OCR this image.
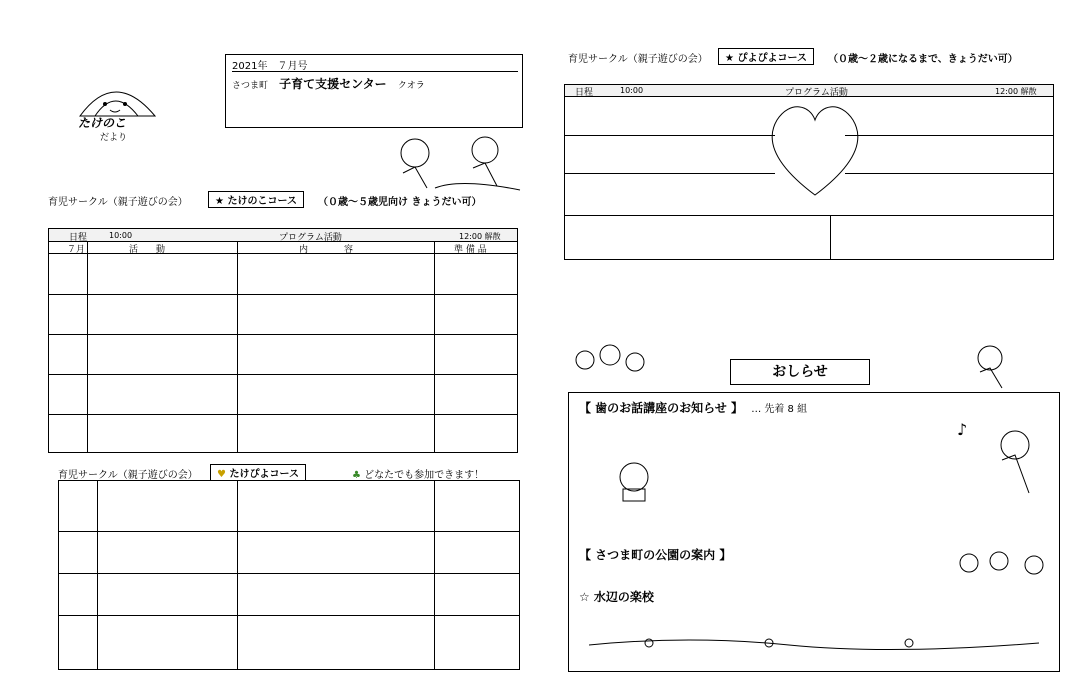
たけのこ
だより
2021年　７月号
さつま町 子育て支援センター クオラ
育児サークル（親子遊びの会）	★ たけのこコース	（０歳〜５歳児向け きょうだい可）
日程	10:00	プログラム活動	12:00 解散
７月	活　　動	内　　　　容	準 備 品
育児サークル（親子遊びの会）	♥ たけぴよコース	♣ どなたでも参加できます！
育児サークル（親子遊びの会）	★ ぴよぴよコース	（０歳〜２歳になるまで、きょうだい可）
日程	10:00	プログラム活動	12:00 解散
おしらせ
【 歯のお話講座のお知らせ 】 … 先着 8 組
♪
【 さつま町の公園の案内 】
☆ 水辺の楽校
